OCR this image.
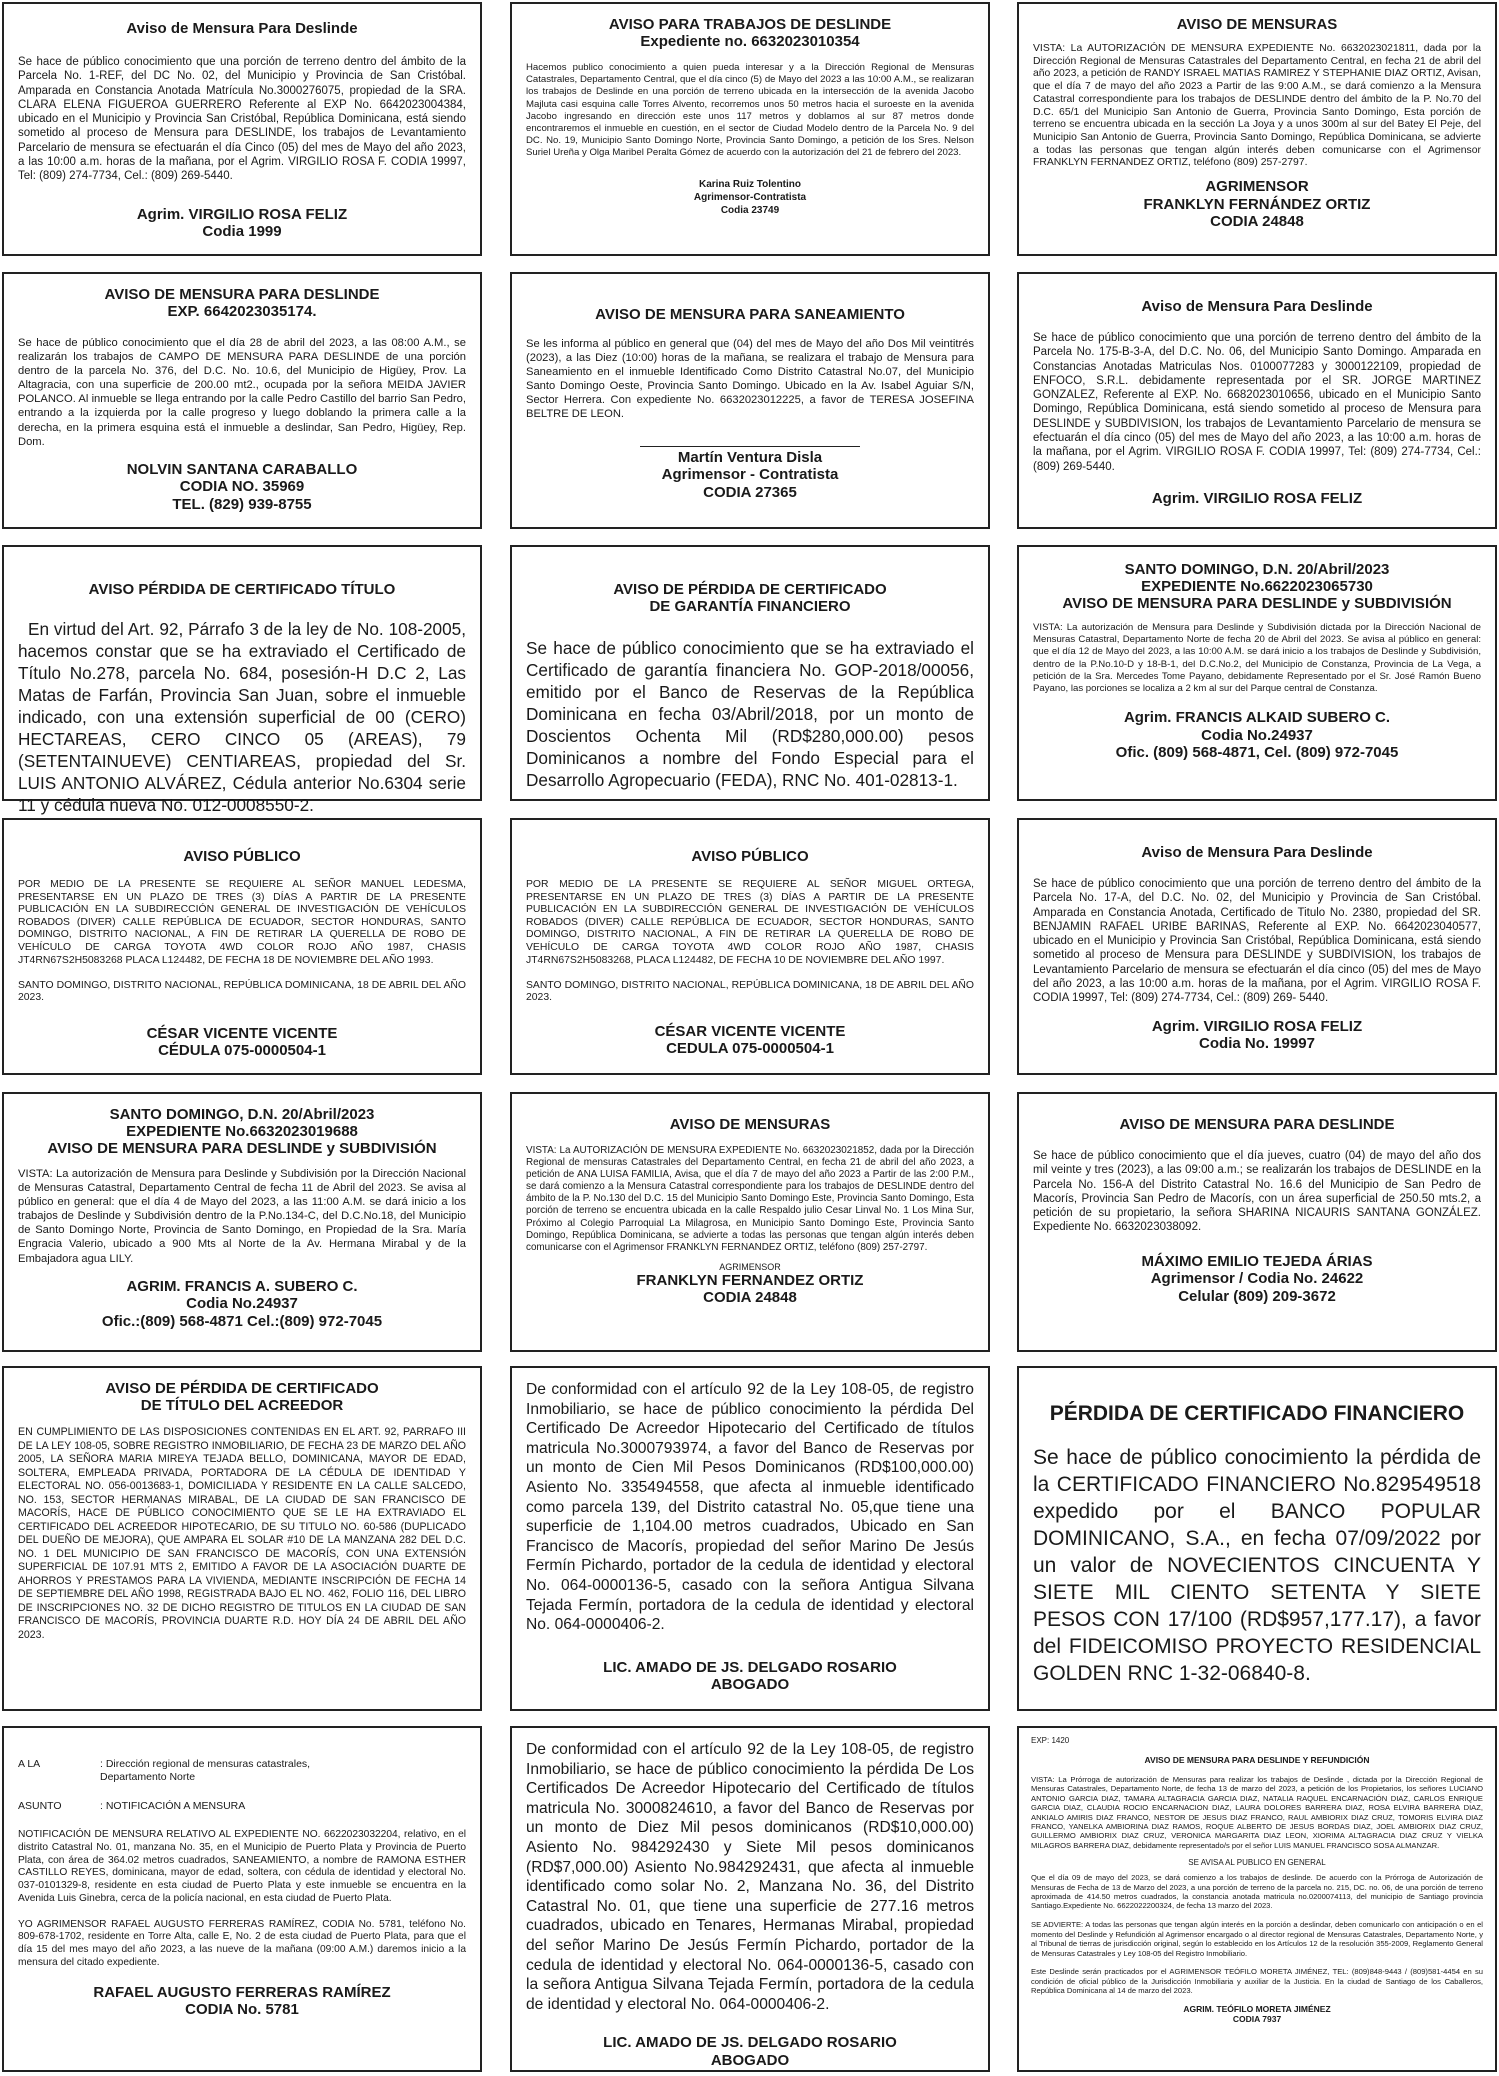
Aviso de Mensura Para Deslinde
Se hace de público conocimiento que una porción de terreno dentro del ámbito de la Parcela No. 1-REF, del DC No. 02, del Municipio y Provincia de San Cristóbal. Amparada en Constancia Anotada Matrícula No.3000276075, propiedad de la SRA. CLARA ELENA FIGUEROA GUERRERO Referente al EXP No. 6642023004384, ubicado en el Municipio y Provincia San Cristóbal, República Dominicana, está siendo sometido al proceso de Mensura para DESLINDE, los trabajos de Levantamiento Parcelario de mensura se efectuarán el día Cinco (05) del mes de Mayo del año 2023, a las 10:00 a.m. horas de la mañana, por el Agrim. VIRGILIO ROSA F. CODIA 19997, Tel: (809) 274-7734, Cel.: (809) 269-5440.
Agrim. VIRGILIO ROSA FELIZ
Codia 1999
AVISO PARA TRABAJOS DE DESLINDE
Expediente no. 6632023010354
Hacemos publico conocimiento a quien pueda interesar y a la Dirección Regional de Mensuras Catastrales, Departamento Central, que el día cinco (5) de Mayo del 2023 a las 10:00 A.M., se realizaran los trabajos de Deslinde en una porción de terreno ubicada en la intersección de la avenida Jacobo Majluta casi esquina calle Torres Alvento, recorremos unos 50 metros hacia el suroeste en la avenida Jacobo ingresando en dirección este unos 117 metros y doblamos al sur 87 metros donde encontraremos el inmueble en cuestión, en el sector de Ciudad Modelo dentro de la Parcela No. 9 del DC. No. 19, Municipio Santo Domingo Norte, Provincia Santo Domingo, a petición de los Sres. Nelson Suriel Ureña y Olga Maribel Peralta Gómez de acuerdo con la autorización del 21 de febrero del 2023.
Karina Ruiz Tolentino
Agrimensor-Contratista
Codia 23749
AVISO DE MENSURAS
VISTA: La AUTORIZACIÓN DE MENSURA EXPEDIENTE No. 6632023021811, dada por la Dirección Regional de Mensuras Catastrales del Departamento Central, en fecha 21 de abril del año 2023, a petición de RANDY ISRAEL MATIAS RAMIREZ Y STEPHANIE DIAZ ORTIZ, Avisan, que el día 7 de mayo del año 2023 a Partir de las 9:00 A.M., se dará comienzo a la Mensura Catastral correspondiente para los trabajos de DESLINDE dentro del ámbito de la P. No.70 del D.C. 65/1 del Municipio San Antonio de Guerra, Provincia Santo Domingo, Esta porción de terreno se encuentra ubicada en la sección La Joya y a unos 300m al sur del Batey El Peje, del Municipio San Antonio de Guerra, Provincia Santo Domingo, República Dominicana, se advierte a todas las personas que tengan algún interés deben comunicarse con el Agrimensor FRANKLYN FERNANDEZ ORTIZ, teléfono (809) 257-2797.
AGRIMENSOR
FRANKLYN FERNÁNDEZ ORTIZ
CODIA 24848
AVISO DE MENSURA PARA DESLINDE
EXP. 6642023035174.
Se hace de público conocimiento que el día 28 de abril del 2023, a las 08:00 A.M., se realizarán los trabajos de CAMPO DE MENSURA PARA DESLINDE de una porción dentro de la parcela No. 376, del D.C. No. 10.6, del Municipio de Higüey, Prov. La Altagracia, con una superficie de 200.00 mt2., ocupada por la señora MEIDA JAVIER POLANCO. Al inmueble se llega entrando por la calle Pedro Castillo del barrio San Pedro, entrando a la izquierda por la calle progreso y luego doblando la primera calle a la derecha, en la primera esquina está el inmueble a deslindar, San Pedro, Higüey, Rep. Dom.
NOLVIN SANTANA CARABALLO
CODIA NO. 35969
TEL. (829) 939-8755
AVISO DE MENSURA PARA SANEAMIENTO
Se les informa al público en general que (04) del mes de Mayo del año Dos Mil veintitrés (2023), a las Diez (10:00) horas de la mañana, se realizara el trabajo de Mensura para Saneamiento en el inmueble Identificado Como Distrito Catastral No.07, del Municipio Santo Domingo Oeste, Provincia Santo Domingo. Ubicado en la Av. Isabel Aguiar S/N, Sector Herrera. Con expediente No. 6632023012225, a favor de TERESA JOSEFINA BELTRE DE LEON.
Martín Ventura Disla
Agrimensor - Contratista
CODIA 27365
Aviso de Mensura Para Deslinde
Se hace de público conocimiento que una porción de terreno dentro del ámbito de la Parcela No. 175-B-3-A, del D.C. No. 06, del Municipio Santo Domingo. Amparada en Constancias Anotadas Matriculas Nos. 0100077283 y 3000122109, propiedad de ENFOCO, S.R.L. debidamente representada por el SR. JORGE MARTINEZ GONZALEZ, Referente al EXP. No. 6682023010656, ubicado en el Municipio Santo Domingo, República Dominicana, está siendo sometido al proceso de Mensura para DESLINDE y SUBDIVISION, los trabajos de Levantamiento Parcelario de mensura se efectuarán el día cinco (05) del mes de Mayo del año 2023, a las 10:00 a.m. horas de la mañana, por el Agrim. VIRGILIO ROSA F. CODIA 19997, Tel: (809) 274-7734, Cel.: (809) 269-5440.
Agrim. VIRGILIO ROSA FELIZ
AVISO PÉRDIDA DE CERTIFICADO TÍTULO
En virtud del Art. 92, Párrafo 3 de la ley de No. 108-2005, hacemos constar que se ha extraviado el Certificado de Título No.278, parcela No. 684, posesión-H D.C 2, Las Matas de Farfán, Provincia San Juan, sobre el inmueble indicado, con una extensión superficial de 00 (CERO) HECTAREAS, CERO CINCO 05 (AREAS), 79 (SETENTAINUEVE) CENTIAREAS, propiedad del Sr. LUIS ANTONIO ALVÁREZ, Cédula anterior No.6304 serie 11 y cédula nueva No. 012-0008550-2.
AVISO DE PÉRDIDA DE CERTIFICADO
DE GARANTÍA FINANCIERO
Se hace de público conocimiento que se ha extraviado el Certificado de garantía financiera No. GOP-2018/00056, emitido por el Banco de Reservas de la República Dominicana en fecha 03/Abril/2018, por un monto de Doscientos Ochenta Mil (RD$280,000.00) pesos Dominicanos a nombre del Fondo Especial para el Desarrollo Agropecuario (FEDA), RNC No. 401-02813-1.
SANTO DOMINGO, D.N. 20/Abril/2023
EXPEDIENTE No.6622023065730
AVISO DE MENSURA PARA DESLINDE y SUBDIVISIÓN
VISTA: La autorización de Mensura para Deslinde y Subdivisión dictada por la Dirección Nacional de Mensuras Catastral, Departamento Norte de fecha 20 de Abril del 2023. Se avisa al público en general: que el día 12 de Mayo del 2023, a las 10:00 A.M. se dará inicio a los trabajos de Deslinde y Subdivisión, dentro de la P.No.10-D y 18-B-1, del D.C.No.2, del Municipio de Constanza, Provincia de La Vega, a petición de la Sra. Mercedes Tome Payano, debidamente Representado por el Sr. José Ramón Bueno Payano, las porciones se localiza a 2 km al sur del Parque central de Constanza.
Agrim. FRANCIS ALKAID SUBERO C.
Codia No.24937
Ofic. (809) 568-4871, Cel. (809) 972-7045
AVISO PÚBLICO
POR MEDIO DE LA PRESENTE SE REQUIERE AL SEÑOR MANUEL LEDESMA, PRESENTARSE EN UN PLAZO DE TRES (3) DÍAS A PARTIR DE LA PRESENTE PUBLICACIÓN EN LA SUBDIRECCIÓN GENERAL DE INVESTIGACIÓN DE VEHÍCULOS ROBADOS (DIVER) CALLE REPÚBLICA DE ECUADOR, SECTOR HONDURAS, SANTO DOMINGO, DISTRITO NACIONAL, A FIN DE RETIRAR LA QUERELLA DE ROBO DE VEHÍCULO DE CARGA TOYOTA 4WD COLOR ROJO AÑO 1987, CHASIS JT4RN67S2H5083268 PLACA L124482, DE FECHA 18 DE NOVIEMBRE DEL AÑO 1993.

SANTO DOMINGO, DISTRITO NACIONAL, REPÚBLICA DOMINICANA, 18 DE ABRIL DEL AÑO 2023.
CÉSAR VICENTE VICENTE
CÉDULA 075-0000504-1
AVISO PÚBLICO
POR MEDIO DE LA PRESENTE SE REQUIERE AL SEÑOR MIGUEL ORTEGA, PRESENTARSE EN UN PLAZO DE TRES (3) DÍAS A PARTIR DE LA PRESENTE PUBLICACIÓN EN LA SUBDIRECCIÓN GENERAL DE INVESTIGACIÓN DE VEHÍCULOS ROBADOS (DIVER) CALLE REPÚBLICA DE ECUADOR, SECTOR HONDURAS, SANTO DOMINGO, DISTRITO NACIONAL, A FIN DE RETIRAR LA QUERELLA DE ROBO DE VEHÍCULO DE CARGA TOYOTA 4WD COLOR ROJO AÑO 1987, CHASIS JT4RN67S2H5083268, PLACA L124482, DE FECHA 10 DE NOVIEMBRE DEL AÑO 1997.

SANTO DOMINGO, DISTRITO NACIONAL, REPÚBLICA DOMINICANA, 18 DE ABRIL DEL AÑO 2023.
CÉSAR VICENTE VICENTE
CEDULA 075-0000504-1
Aviso de Mensura Para Deslinde
Se hace de público conocimiento que una porción de terreno dentro del ámbito de la Parcela No. 17-A, del D.C. No. 02, del Municipio y Provincia de San Cristóbal. Amparada en Constancia Anotada, Certificado de Titulo No. 2380, propiedad del SR. BENJAMIN RAFAEL URIBE BARINAS, Referente al EXP. No. 6642023040577, ubicado en el Municipio y Provincia San Cristóbal, República Dominicana, está siendo sometido al proceso de Mensura para DESLINDE y SUBDIVISION, los trabajos de Levantamiento Parcelario de mensura se efectuarán el día cinco (05) del mes de Mayo del año 2023, a las 10:00 a.m. horas de la mañana, por el Agrim. VIRGILIO ROSA F. CODIA 19997, Tel: (809) 274-7734, Cel.: (809) 269- 5440.
Agrim. VIRGILIO ROSA FELIZ
Codia No. 19997
SANTO DOMINGO, D.N. 20/Abril/2023
EXPEDIENTE No.6632023019688
AVISO DE MENSURA PARA DESLINDE y SUBDIVISIÓN
VISTA: La autorización de Mensura para Deslinde y Subdivisión por la Dirección Nacional de Mensuras Catastral, Departamento Central de fecha 11 de Abril del 2023. Se avisa al público en general: que el día 4 de Mayo del 2023, a las 11:00 A.M. se dará inicio a los trabajos de Deslinde y Subdivisión dentro de la P.No.134-C, del D.C.No.18, del Municipio de Santo Domingo Norte, Provincia de Santo Domingo, en Propiedad de la Sra. María Engracia Valerio, ubicado a 900 Mts al Norte de la Av. Hermana Mirabal y de la Embajadora agua LILY.
AGRIM. FRANCIS A. SUBERO C.
Codia No.24937
Ofic.:(809) 568-4871 Cel.:(809) 972-7045
AVISO DE MENSURAS
VISTA: La AUTORIZACIÓN DE MENSURA EXPEDIENTE No. 6632023021852, dada por la Dirección Regional de mensuras Catastrales del Departamento Central, en fecha 21 de abril del año 2023, a petición de ANA LUISA FAMILIA, Avisa, que el día 7 de mayo del año 2023 a Partir de las 2:00 P.M., se dará comienzo a la Mensura Catastral correspondiente para los trabajos de DESLINDE dentro del ámbito de la P. No.130 del D.C. 15 del Municipio Santo Domingo Este, Provincia Santo Domingo, Esta porción de terreno se encuentra ubicada en la calle Respaldo julio Cesar Linval No. 1 Los Mina Sur, Próximo al Colegio Parroquial La Milagrosa, en Municipio Santo Domingo Este, Provincia Santo Domingo, República Dominicana, se advierte a todas las personas que tengan algún interés deben comunicarse con el Agrimensor FRANKLYN FERNANDEZ ORTIZ, teléfono (809) 257-2797.
AGRIMENSOR
FRANKLYN FERNANDEZ ORTIZ
CODIA 24848
AVISO DE MENSURA PARA DESLINDE
Se hace de público conocimiento que el día jueves, cuatro (04) de mayo del año dos mil veinte y tres (2023), a las 09:00 a.m.; se realizarán los trabajos de DESLINDE en la Parcela No. 156-A del Distrito Catastral No. 16.6 del Municipio de San Pedro de Macorís, Provincia San Pedro de Macorís, con un área superficial de 250.50 mts.2, a petición de su propietario, la señora SHARINA NICAURIS SANTANA GONZÁLEZ. Expediente No. 6632023038092.
MÁXIMO EMILIO TEJEDA ÁRIAS
Agrimensor / Codia No. 24622
Celular (809) 209-3672
AVISO DE PÉRDIDA DE CERTIFICADO
DE TÍTULO DEL ACREEDOR
EN CUMPLIMIENTO DE LAS DISPOSICIONES CONTENIDAS EN EL ART. 92, PARRAFO III DE LA LEY 108-05, SOBRE REGISTRO INMOBILIARIO, DE FECHA 23 DE MARZO DEL AÑO 2005, LA SEÑORA MARIA MIREYA TEJADA BELLO, DOMINICANA, MAYOR DE EDAD, SOLTERA, EMPLEADA PRIVADA, PORTADORA DE LA CÉDULA DE IDENTIDAD Y ELECTORAL NO. 056-0013683-1, DOMICILIADA Y RESIDENTE EN LA CALLE SALCEDO, NO. 153, SECTOR HERMANAS MIRABAL, DE LA CIUDAD DE SAN FRANCISCO DE MACORÍS, HACE DE PÚBLICO CONOCIMIENTO QUE SE LE HA EXTRAVIADO EL CERTIFICADO DEL ACREEDOR HIPOTECARIO, DE SU TITULO NO. 60-586 (DUPLICADO DEL DUEÑO DE MEJORA), QUE AMPARA EL SOLAR #10 DE LA MANZANA 282 DEL D.C. NO. 1 DEL MUNICIPIO DE SAN FRANCISCO DE MACORÍS, CON UNA EXTENSIÓN SUPERFICIAL DE 107.91 MTS 2, EMITIDO A FAVOR DE LA ASOCIACIÓN DUARTE DE AHORROS Y PRESTAMOS PARA LA VIVIENDA, MEDIANTE INSCRIPCIÓN DE FECHA 14 DE SEPTIEMBRE DEL AÑO 1998, REGISTRADA BAJO EL NO. 462, FOLIO 116, DEL LIBRO DE INSCRIPCIONES NO. 32 DE DICHO REGISTRO DE TITULOS EN LA CIUDAD DE SAN FRANCISCO DE MACORÍS, PROVINCIA DUARTE R.D. HOY DÍA 24 DE ABRIL DEL AÑO 2023.
De conformidad con el artículo 92 de la Ley 108-05, de registro Inmobiliario, se hace de público conocimiento la pérdida Del Certificado De Acreedor Hipotecario del Certificado de títulos matricula No.3000793974, a favor del Banco de Reservas por un monto de Cien Mil Pesos Dominicanos (RD$100,000.00) Asiento No. 335494558, que afecta al inmueble identificado como parcela 139, del Distrito catastral No. 05,que tiene una superficie de 1,104.00 metros cuadrados, Ubicado en San Francisco de Macorís, propiedad del señor Marino De Jesús Fermín Pichardo, portador de la cedula de identidad y electoral No. 064-0000136-5, casado con la señora Antigua Silvana Tejada Fermín, portadora de la cedula de identidad y electoral No. 064-0000406-2.
LIC. AMADO DE JS. DELGADO ROSARIO
ABOGADO
PÉRDIDA DE CERTIFICADO FINANCIERO
Se hace de público conocimiento la pérdida de la CERTIFICADO FINANCIERO No.829549518 expedido por el BANCO POPULAR DOMINICANO, S.A., en fecha 07/09/2022 por un valor de NOVECIENTOS CINCUENTA Y SIETE MIL CIENTO SETENTA Y SIETE PESOS CON 17/100 (RD$957,177.17), a favor del FIDEICOMISO PROYECTO RESIDENCIAL GOLDEN RNC 1-32-06840-8.
A LA	: Dirección regional de mensuras catastrales,
Departamento Norte
ASUNTO	: NOTIFICACIÓN A MENSURA
NOTIFICACIÓN DE MENSURA RELATIVO AL EXPEDIENTE NO. 6622023032204, relativo, en el distrito Catastral No. 01, manzana No. 35, en el Municipio de Puerto Plata y Provincia de Puerto Plata, con área de 364.02 metros cuadrados, SANEAMIENTO, a nombre de RAMONA ESTHER CASTILLO REYES, dominicana, mayor de edad, soltera, con cédula de identidad y electoral No. 037-0101329-8, residente en esta ciudad de Puerto Plata y este inmueble se encuentra en la Avenida Luis Ginebra, cerca de la policía nacional, en esta ciudad de Puerto Plata.

YO AGRIMENSOR RAFAEL AUGUSTO FERRERAS RAMÍREZ, CODIA No. 5781, teléfono No. 809-678-1702, residente en Torre Alta, calle E, No. 2 de esta ciudad de Puerto Plata, para que el día 15 del mes mayo del año 2023, a las nueve de la mañana (09:00 A.M.) daremos inicio a la mensura del citado expediente.
RAFAEL AUGUSTO FERRERAS RAMÍREZ
CODIA No. 5781
De conformidad con el artículo 92 de la Ley 108-05, de registro Inmobiliario, se hace de público conocimiento la pérdida De Los Certificados De Acreedor Hipotecario del Certificado de títulos matricula No. 3000824610, a favor del Banco de Reservas por un monto de Diez Mil pesos dominicanos (RD$10,000.00) Asiento No. 984292430 y Siete Mil pesos dominicanos (RD$7,000.00) Asiento No.984292431, que afecta al inmueble identificado como solar No. 2, Manzana No. 36, del Distrito Catastral No. 01, que tiene una superficie de 277.16 metros cuadrados, ubicado en Tenares, Hermanas Mirabal, propiedad del señor Marino De Jesús Fermín Pichardo, portador de la cedula de identidad y electoral No. 064-0000136-5, casado con la señora Antigua Silvana Tejada Fermín, portadora de la cedula de identidad y electoral No. 064-0000406-2.
LIC. AMADO DE JS. DELGADO ROSARIO
ABOGADO
EXP: 1420
AVISO DE MENSURA PARA DESLINDE Y REFUNDICIÓN
VISTA: La Prórroga de autorización de Mensuras para realizar los trabajos de Deslinde , dictada por la Dirección Regional de Mensuras Catastrales, Departamento Norte, de fecha 13 de marzo del 2023, a petición de los Propietarios, los señores LUCIANO ANTONIO GARCIA DIAZ, TAMARA ALTAGRACIA GARCIA DIAZ, NATALIA RAQUEL ENCARNACIÓN DIAZ, CARLOS ENRIQUE GARCIA DIAZ, CLAUDIA ROCIO ENCARNACION DIAZ, LAURA DOLORES BARRERA DIAZ, ROSA ELVIRA BARRERA DIAZ, ANKIALO AMIRIS DIAZ FRANCO, NESTOR DE JESUS DIAZ FRANCO, RAUL AMBIORIX DIAZ CRUZ, TOMORIS ELVIRA DIAZ FRANCO, YANELKA AMBIORINA DIAZ RAMOS, ROQUE ALBERTO DE JESUS BORDAS DIAZ, JOEL AMBIORIX DIAZ CRUZ, GUILLERMO AMBIORIX DIAZ CRUZ, VERONICA MARGARITA DIAZ LEON, XIORIMA ALTAGRACIA DIAZ CRUZ Y VIELKA MILAGROS BARRERA DIAZ, debidamente representado/s por el señor LUIS MANUEL FRANCISCO SOSA ALMANZAR.
SE AVISA AL PUBLICO EN GENERAL
Que el día 09 de mayo del 2023, se dará comienzo a los trabajos de deslinde. De acuerdo con la Prórroga de Autorización de Mensuras de Fecha de 13 de Marzo del 2023, a una porción de terreno de la parcela no. 215, DC. no. 06, de una porción de terreno aproximada de 414.50 metros cuadrados, la constancia anotada matricula no.0200074113, del municipio de Santiago provincia Santiago.Expediente No. 6622022200324, de fecha 13 marzo del 2023.

SE ADVIERTE: A todas las personas que tengan algún interés en la porción a deslindar, deben comunicarlo con anticipación o en el momento del Deslinde y Refundición al Agrimensor encargado o al director regional de Mensuras Catastrales, Departamento Norte, y al Tribunal de tierras de jurisdicción original, según lo establecido en los Artículos 12 de la resolución 355-2009, Reglamento General de Mensuras Catastrales y Ley 108-05 del Registro Inmobiliario.

Este Deslinde serán practicados por el AGRIMENSOR TEÓFILO MORETA JIMÉNEZ, TEL: (809)848-9443 / (809)581-4454 en su condición de oficial público de la Jurisdicción Inmobiliaria y auxiliar de la Justicia. En la ciudad de Santiago de los Caballeros, República Dominicana al 14 de marzo del 2023.
AGRIM. TEÓFILO MORETA JIMÉNEZ
CODIA 7937
